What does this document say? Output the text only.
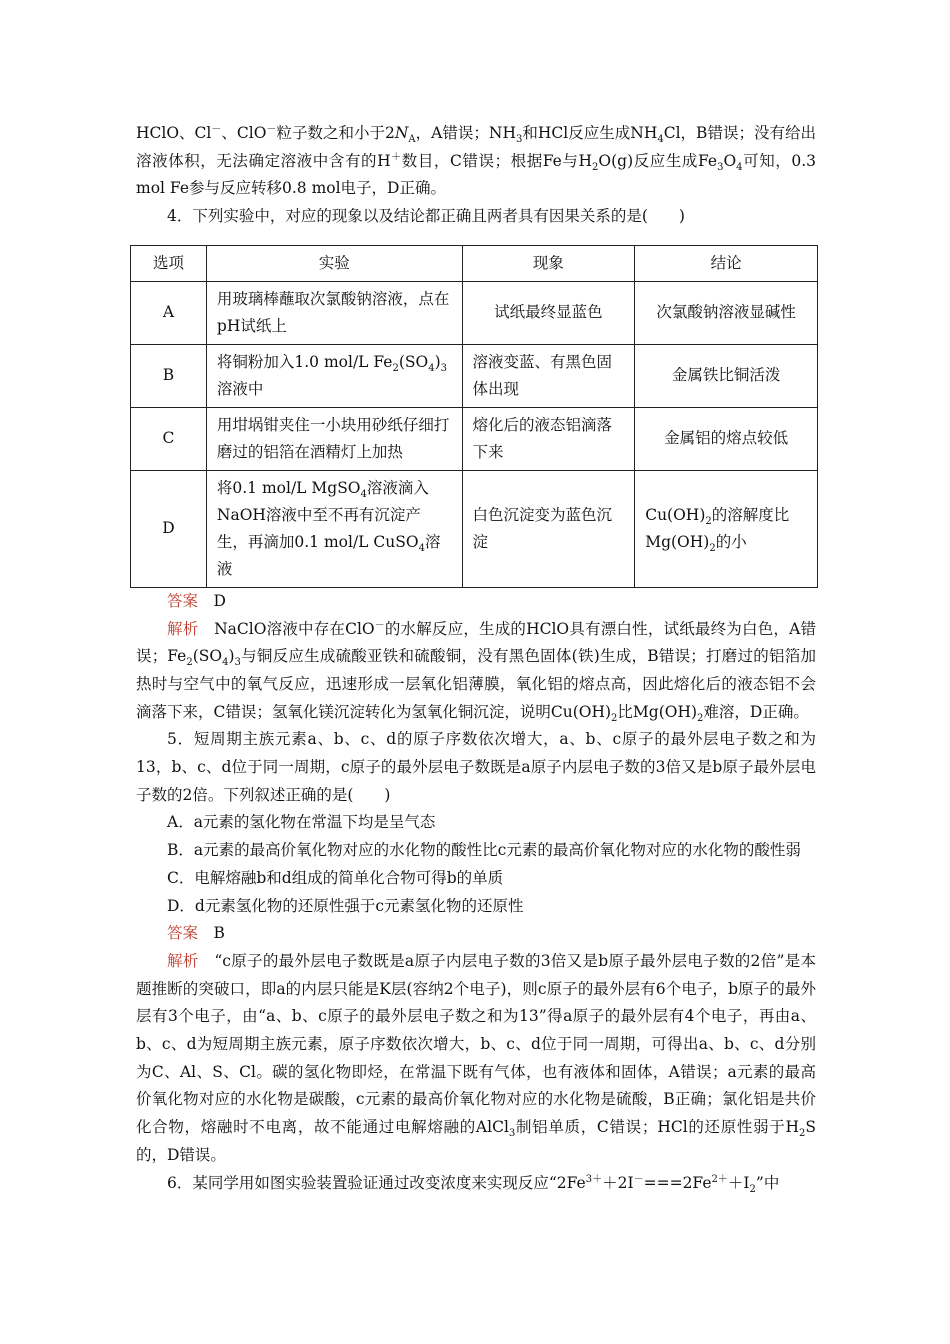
HClO、Cl－、ClO－粒子数之和小于$2N_A$，A错误；$NH_3$和HCl反应生成$NH_4Cl$，B错误；没有给出溶液体积，无法确定溶液中含有的H＋数目，C错误；根据Fe与$H_2O(g)$反应生成$Fe_3O_4$可知，0.3 mol Fe参与反应转移0.8 mol电子，D正确。

4．下列实验中，对应的现象以及结论都正确且两者具有因果关系的是(　　)

选项	实验	现象	结论
A	用玻璃棒蘸取次氯酸钠溶液，点在pH试纸上	试纸最终显蓝色	次氯酸钠溶液显碱性
B	将铜粉加入1.0 mol/L $Fe_2(SO_4)_3$溶液中	溶液变蓝、有黑色固体出现	金属铁比铜活泼
C	用坩埚钳夹住一小块用砂纸仔细打磨过的铝箔在酒精灯上加热	熔化后的液态铝滴落下来	金属铝的熔点较低
D	将0.1 mol/L MgSO$_4$溶液滴入NaOH溶液中至不再有沉淀产生，再滴加0.1 mol/L CuSO$_4$溶液	白色沉淀变为蓝色沉淀	$Cu(OH)_2$的溶解度比$Mg(OH)_2$的小

答案　 D

解析　 NaClO溶液中存在ClO－的水解反应，生成的HClO具有漂白性，试纸最终为白色，A错误；$Fe_2(SO_4)_3$与铜反应生成硫酸亚铁和硫酸铜，没有黑色固体(铁)生成，B错误；打磨过的铝箔加热时与空气中的氧气反应，迅速形成一层氧化铝薄膜，氧化铝的熔点高，因此熔化后的液态铝不会滴落下来，C错误；氢氧化镁沉淀转化为氢氧化铜沉淀，说明$Cu(OH)_2$比$Mg(OH)_2$难溶，D正确。

5．短周期主族元素a、b、c、d的原子序数依次增大，a、b、c原子的最外层电子数之和为13，b、c、d位于同一周期，c原子的最外层电子数既是a原子内层电子数的3倍又是b原子最外层电子数的2倍。下列叙述正确的是(　　)

A．a元素的氢化物在常温下均是呈气态

B．a元素的最高价氧化物对应的水化物的酸性比c元素的最高价氧化物对应的水化物的酸性弱

C．电解熔融b和d组成的简单化合物可得b的单质

D．d元素氢化物的还原性强于c元素氢化物的还原性

答案　 B

解析　 “c原子的最外层电子数既是a原子内层电子数的3倍又是b原子最外层电子数的2倍”是本题推断的突破口，即a的内层只能是K层(容纳2个电子)，则c原子的最外层有6个电子，b原子的最外层有3个电子，由“a、b、c原子的最外层电子数之和为13”得a原子的最外层有4个电子，再由a、b、c、d为短周期主族元素，原子序数依次增大，b、c、d位于同一周期，可得出a、b、c、d分别为C、Al、S、Cl。碳的氢化物即烃，在常温下既有气体，也有液体和固体，A错误；a元素的最高价氧化物对应的水化物是碳酸，c元素的最高价氧化物对应的水化物是硫酸，B正确；氯化铝是共价化合物，熔融时不电离，故不能通过电解熔融的AlCl$_3$制铝单质，C错误；HCl的还原性弱于$H_2S$的，D错误。

6．某同学用如图实验装置验证通过改变浓度来实现反应“$2Fe^{3+}+2I^-===2Fe^{2+}+I_2$”中
